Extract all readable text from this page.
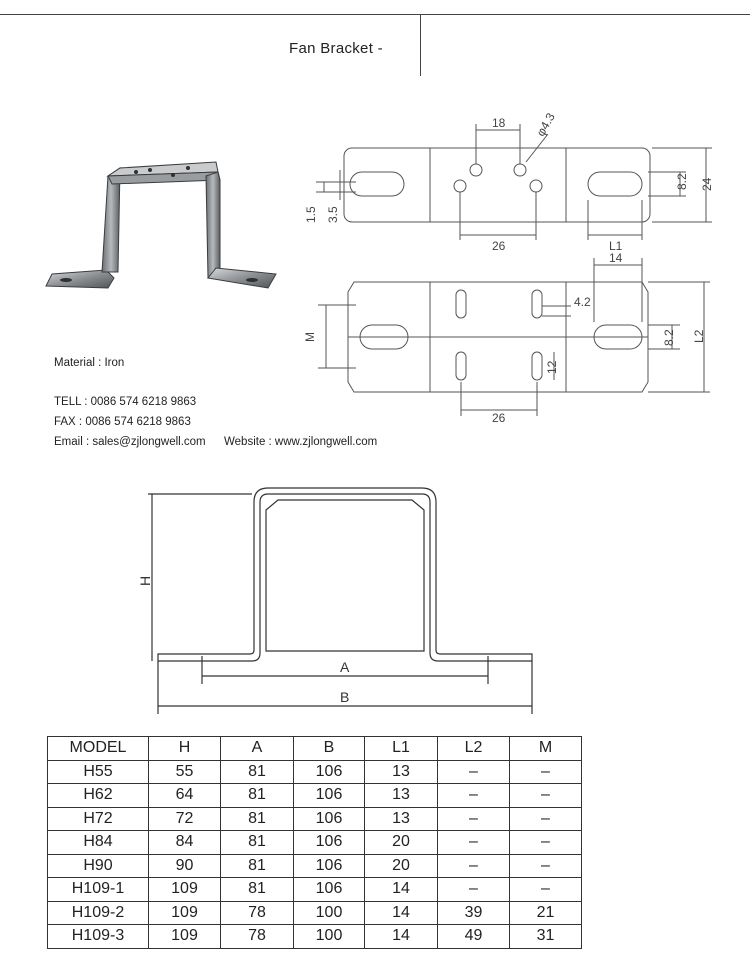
Fan Bracket -
18 φ4.3
8.2 24
1.5 3.5
26	L1
14
4.2
M	8.2 L2
12
26
Material : Iron
TELL : 0086 574 6218 9863
FAX : 0086 574 6218 9863
Email : sales@zjlongwell.com Website : www.zjlongwell.com
H
A
B
MODEL	H	A	B	L1	L2	M
H55	55	81	106	13	–	–
H62	64	81	106	13	–	–
H72	72	81	106	13	–	–
H84	84	81	106	20	–	–
H90	90	81	106	20	–	–
H109-1	109	81	106	14	–	–
H109-2	109	78	100	14	39	21
H109-3	109	78	100	14	49	31
